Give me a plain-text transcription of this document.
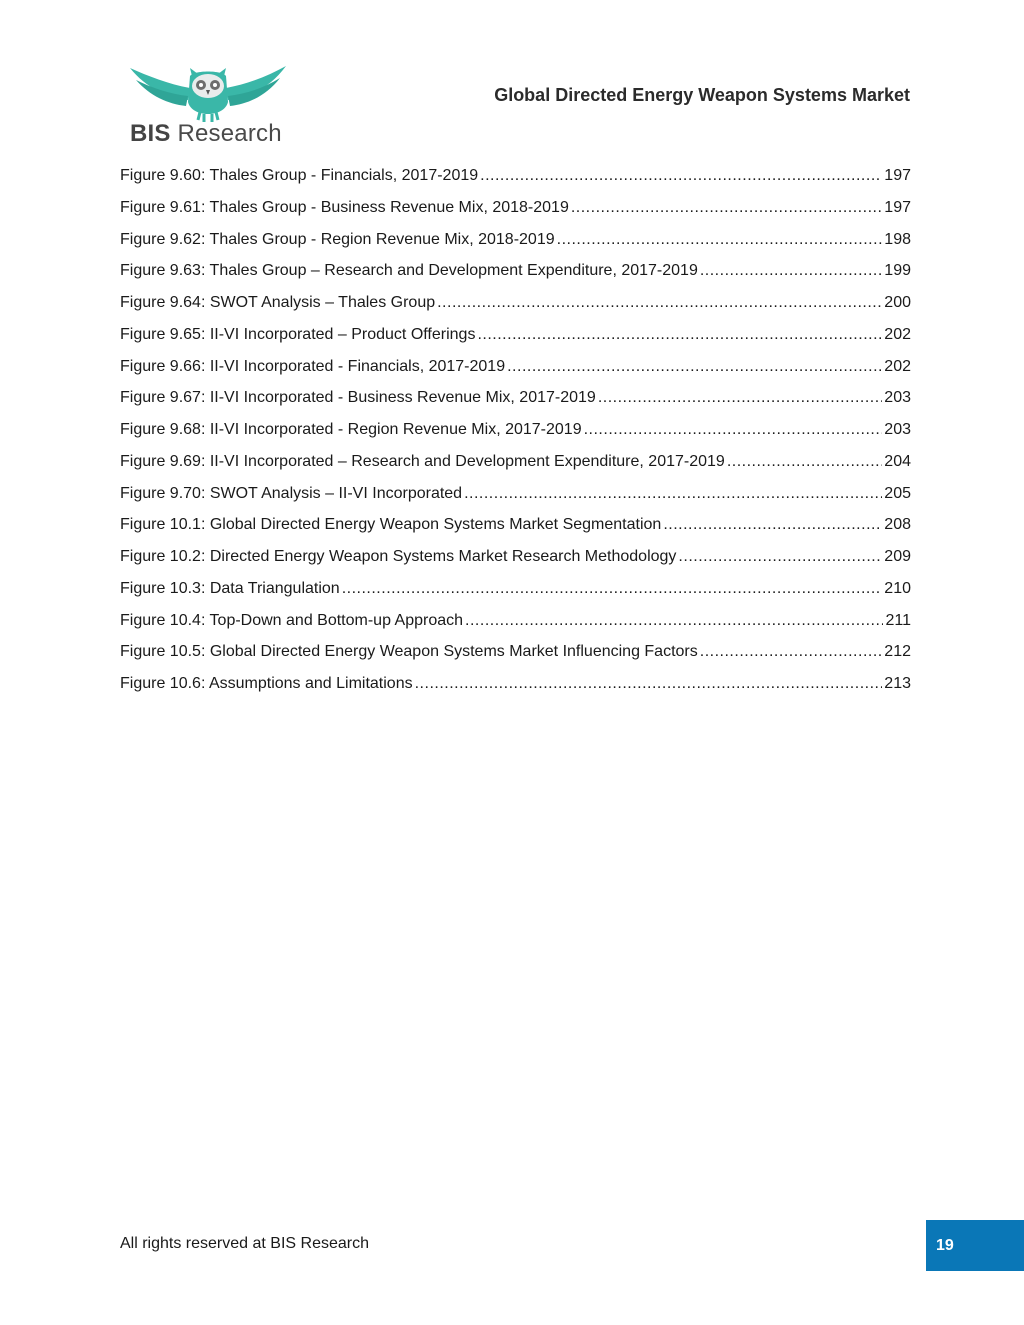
BIS Research
Global Directed Energy Weapon Systems Market
Figure 9.60: Thales Group - Financials, 2017-2019 .....	197
Figure 9.61: Thales Group - Business Revenue Mix, 2018-2019 .....	197
Figure 9.62: Thales Group - Region Revenue Mix, 2018-2019 .....	198
Figure 9.63: Thales Group – Research and Development Expenditure, 2017-2019 .....	199
Figure 9.64: SWOT Analysis – Thales Group .....	200
Figure 9.65: II-VI Incorporated – Product Offerings .....	202
Figure 9.66: II-VI Incorporated - Financials, 2017-2019 .....	202
Figure 9.67: II-VI Incorporated - Business Revenue Mix, 2017-2019 .....	203
Figure 9.68: II-VI Incorporated - Region Revenue Mix, 2017-2019 .....	203
Figure 9.69: II-VI Incorporated – Research and Development Expenditure, 2017-2019 .....	204
Figure 9.70: SWOT Analysis – II-VI Incorporated .....	205
Figure 10.1: Global Directed Energy Weapon Systems Market Segmentation .....	208
Figure 10.2: Directed Energy Weapon Systems Market Research Methodology .....	209
Figure 10.3: Data Triangulation .....	210
Figure 10.4: Top-Down and Bottom-up Approach .....	211
Figure 10.5: Global Directed Energy Weapon Systems Market Influencing Factors .....	212
Figure 10.6: Assumptions and Limitations .....	213
All rights reserved at BIS Research	19
